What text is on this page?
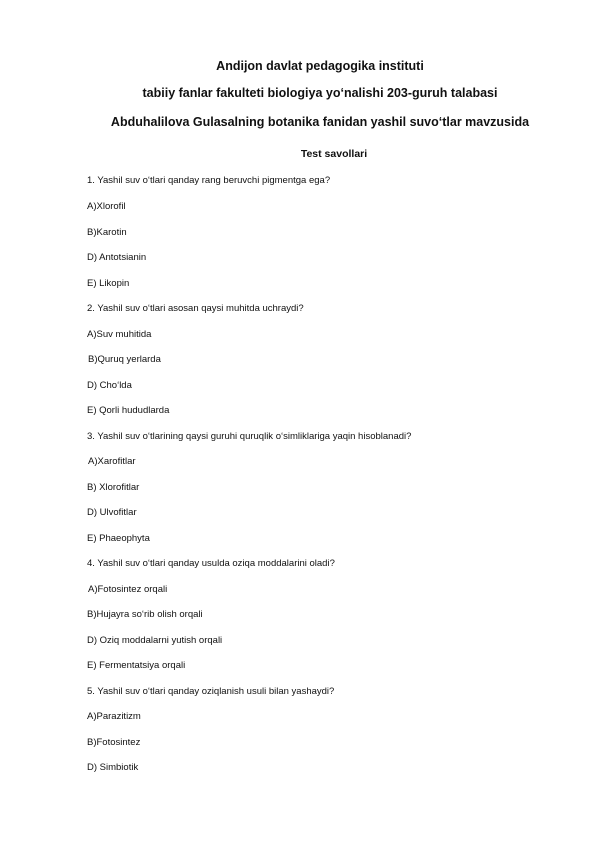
Andijon davlat pedagogika instituti
tabiiy fanlar fakulteti biologiya yo‘nalishi 203-guruh talabasi
Abduhalilova Gulasalning botanika fanidan yashil suvo‘tlar mavzusida
Test savollari
1. Yashil suv o‘tlari qanday rang beruvchi pigmentga ega?
A)Xlorofil
B)Karotin
D) Antotsianin
E) Likopin
2. Yashil suv o‘tlari asosan qaysi muhitda uchraydi?
A)Suv muhitida
B)Quruq yerlarda
D) Cho‘lda
E) Qorli hududlarda
3. Yashil suv o‘tlarining qaysi guruhi quruqlik o‘simliklariga yaqin hisoblanadi?
A)Xarofitlar
B) Xlorofitlar
D) Ulvofitlar
E) Phaeophyta
4. Yashil suv o‘tlari qanday usulda oziqa moddalarini oladi?
A)Fotosintez orqali
B)Hujayra so‘rib olish orqali
D) Oziq moddalarni yutish orqali
E) Fermentatsiya orqali
5. Yashil suv o‘tlari qanday oziqlanish usuli bilan yashaydi?
A)Parazitizm
B)Fotosintez
D) Simbiotik
